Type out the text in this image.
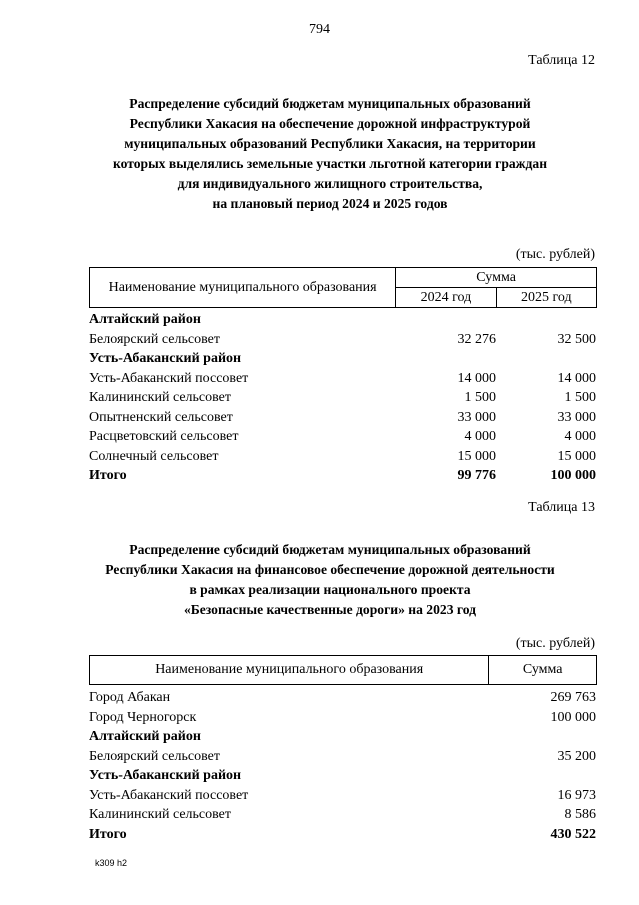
794
Таблица 12
Распределение субсидий бюджетам муниципальных образований
Республики Хакасия на обеспечение дорожной инфраструктурой
муниципальных образований Республики Хакасия, на территории
которых выделялись земельные участки льготной категории граждан
для индивидуального жилищного строительства,
на плановый период 2024 и 2025 годов
(тыс. рублей)
Наименование муниципального образования	Сумма	
	2024 год	2025 год
Алтайский район
Белоярский сельсовет	32 276	32 500
Усть-Абаканский район
Усть-Абаканский поссовет	14 000	14 000
Калининский сельсовет	1 500	1 500
Опытненский сельсовет	33 000	33 000
Расцветовский сельсовет	4 000	4 000
Солнечный сельсовет	15 000	15 000
Итого	99 776	100 000
Таблица 13
Распределение субсидий бюджетам муниципальных образований
Республики Хакасия на финансовое обеспечение дорожной деятельности
в рамках реализации национального проекта
«Безопасные качественные дороги» на 2023 год
(тыс. рублей)
Наименование муниципального образования	Сумма
Город Абакан	269 763
Город Черногорск	100 000
Алтайский район
Белоярский сельсовет	35 200
Усть-Абаканский район
Усть-Абаканский поссовет	16 973
Калининский сельсовет	8 586
Итого	430 522
k309 h2
